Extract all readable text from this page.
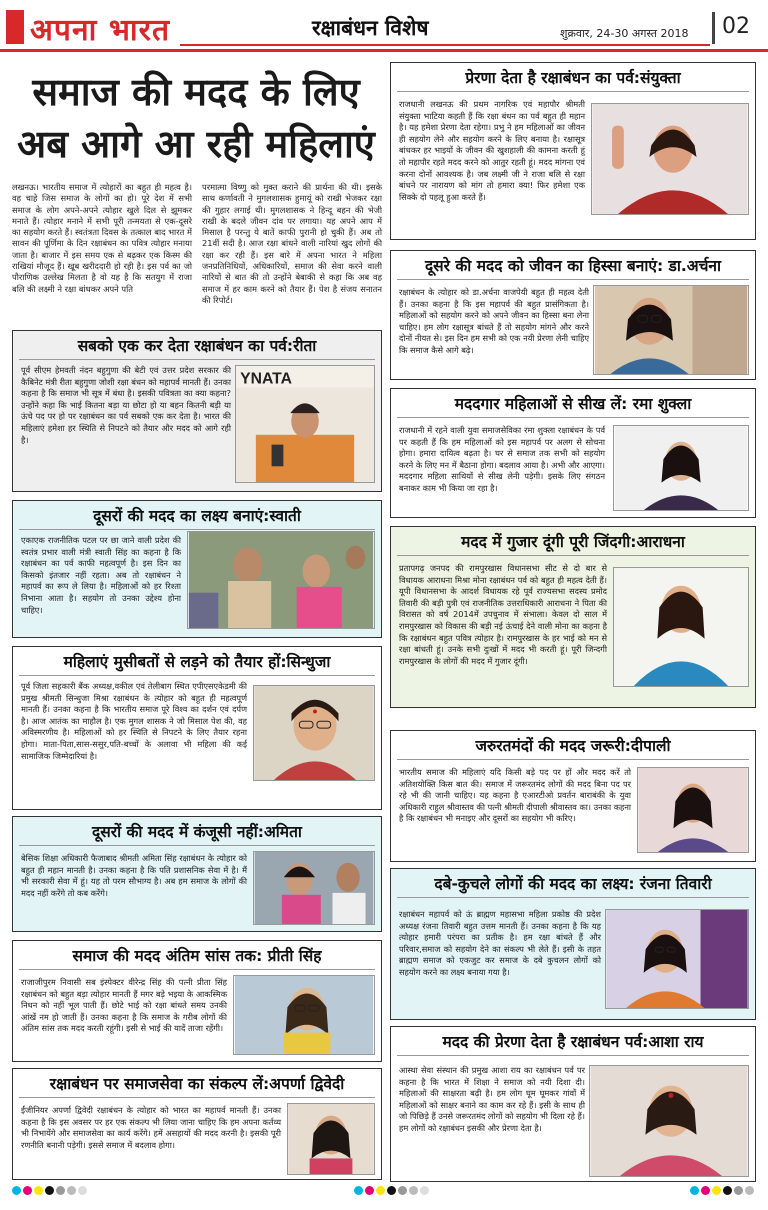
अपना भारत	रक्षाबंधन विशेष	शुक्रवार, 24-30 अगस्त 2018 02
समाज की मदद के लिए
अब आगे आ रही महिलाएं
लखनऊ। भारतीय समाज में त्योहारों का बहुत ही महत्व है। वह चाहे जिस समाज के लोगों का हो। पूरे देश में सभी समाज के लोग अपने-अपने त्योहार खुले दिल से झूमकर मनाते हैं। त्योहार मनाने में सभी पूरी तन्मयता से एक-दूसरे का सहयोग करते हैं। स्वतंत्रता दिवस के तत्काल बाद भारत में सावन की पूर्णिमा के दिन रक्षाबंधन का पवित्र त्योहार मनाया जाता है। बाजार में इस समय एक से बढ़कर एक किस्म की राखियां मौजूद हैं। खूब खरीददारी हो रही है। इस पर्व का जो पौराणिक उल्लेख मिलता है वो यह है कि सतयुग में राजा बलि की लक्ष्मी ने रक्षा बांधकर अपने पति
परमात्मा विष्णु को मुक्त कराने की प्रार्थना की थी। इसके साथ कर्णावती ने मुगलशासक हुमायूं को राखी भेजकर रक्षा की गुहार लगाई थी। मुगलशासक ने हिन्दू बहन की भेजी राखी के बदले जीवन दांव पर लगाया। यह अपने आप में मिसाल है परन्तु ये बातें काफी पुरानी हो चुकी हैं। अब तो 21वीं सदी है। आज रक्षा बांधने वाली नारियां खुद लोगों की रक्षा कर रही हैं। इस बारे में अपना भारत ने महिला जनप्रतिनिधियों, अधिकारियों, समाज की सेवा करने वाली नारियों से बात की तो उन्होंने बेबाकी से कहा कि अब वह समाज में हर काम करने को तैयार हैं। पेश है संजय सनातन की रिपोर्ट।
सबको एक कर देता रक्षाबंधन का पर्व:रीता
पूर्व सीएम हेमवती नंदन बहुगुणा की बेटी एवं उत्तर प्रदेश सरकार की कैबिनेट मंत्री रीता बहुगुणा जोशी रक्षा बंधन को महापर्व मानती हैं। उनका कहना है कि समाज भी सूत्र में बंधा है। इसकी पवित्रता का क्या कहना? उन्होंने कहा कि भाई कितना बड़ा या छोटा हो या बहन कितनी बड़ी या ऊंचे पद पर हो पर रक्षाबंधन का पर्व सबको एक कर देता है। भारत की महिलाएं हमेशा हर स्थिति से निपटने को तैयार और मदद को आगे रही है।
YNATA
दूसरों की मदद का लक्ष्य बनाएं:स्वाती
एकाएक राजनीतिक पटल पर छा जाने वाली प्रदेश की स्वतंत्र प्रभार वाली मंत्री स्वाती सिंह का कहना है कि रक्षाबंधन का पर्व काफी महत्वपूर्ण है। इस दिन का किसको इंतजार नहीं रहता। अब तो रक्षाबंधन ने महापर्व का रूप ले लिया है। महिलाओं को हर रिश्ता निभाना आता है। सहयोग तो उनका उद्देश्य होना चाहिए।
महिलाएं मुसीबतों से लड़ने को तैयार हों:सिन्धुजा
पूर्व जिला सहकारी बैंक अध्यक्ष,वकील एवं तेलीबाग स्थित एपीएसएकेडमी की प्रमुख श्रीमती सिन्धुजा मिश्रा रक्षाबंधन के त्योहार को बहुत ही महत्वपूर्ण मानती हैं। उनका कहना है कि भारतीय समाज पूरे विश्व का दर्शन एवं दर्पण है। आज आतंक का माहौल है। एक मुगल शासक ने जो मिसाल पेश की, वह अविस्मरणीय है। महिलाओं को हर स्थिति से निपटने के लिए तैयार रहना होगा। माता-पिता,सास-ससुर,पति-बच्चों के अलावा भी महिला की कई सामाजिक जिम्मेदारियां है।
दूसरों की मदद में कंजूसी नहीं:अमिता
बेसिक शिक्षा अधिकारी फैजाबाद श्रीमती अमिता सिंह रक्षाबंधन के त्योहार को बहुत ही महान मानती है। उनका कहना है कि पति प्रशासनिक सेवा में है। मैं भी सरकारी सेवा में हूं। यह तो परम सौभाग्य है। अब हम समाज के लोगों की मदद नहीं करेंगे तो कब करेंगे।
समाज की मदद अंतिम सांस तक: प्रीती सिंह
राजाजीपुरम निवासी सब इंस्पेक्टर वीरेन्द्र सिंह की पत्नी प्रीता सिंह रक्षाबंधन को बहुत बड़ा त्योहार मानती हैं मगर बड़े भइया के आकस्मिक निधन को नहीं भूल पाती हैं। छोटे भाई को रक्षा बांधते समय उनकी आंखें नम हो जाती हैं। उनका कहना है कि समाज के गरीब लोगों की अंतिम सांस तक मदद करती रहूंगी। इसी से भाई की यादें ताजा रहेंगी।
रक्षाबंधन पर समाजसेवा का संकल्प लें:अपर्णा द्विवेदी
ईंजीनियर अपर्णा द्विवेदी रक्षाबंधन के त्योहार को भारत का महापर्व मानती हैं। उनका कहना है कि इस अवसर पर हर एक संकल्प भी लिया जाना चाहिए कि हम अपना कर्तव्य भी निभायेंगे और समाजसेवा का कार्य करेंगे। हमें असहायों की मदद करनी है। इसकी पूरी रणनीति बनानी पड़ेगी। इससे समाज में बदलाव होगा।
प्रेरणा देता है रक्षाबंधन का पर्व:संयुक्ता
राजधानी लखनऊ की प्रथम नागरिक एवं महापौर श्रीमती संयुक्ता भाटिया कहती हैं कि रक्षा बंधन का पर्व बहुत ही महान है। यह हमेशा प्रेरणा देता रहेगा। प्रभु ने हम महिलाओं का जीवन ही सहयोग लेने और सहयोग करने के लिए बनाया है। रक्षासूत्र बांधकर हर भाइयों के जीवन की खुशहाली की कामना करती हूं तो महापौर रहते मदद करने को आतुर रहती हूं। मदद मांगना एवं करना दोनों आवश्यक है। जब लक्ष्मी जी ने राजा बलि से रक्षा बांधने पर नारायण को मांग तो हमारा क्या! फिर हमेशा एक सिक्के दो पहलू हुआ करते हैं।
दूसरे की मदद को जीवन का हिस्सा बनाएं: डा.अर्चना
रक्षाबंधन के त्योहार को डा.अर्चना वाजपेयी बहुत ही महत्व देती हैं। उनका कहना है कि इस महापर्व की बहुत प्रासंगिकता है। महिलाओं को सहयोग करने को अपने जीवन का हिस्सा बना लेना चाहिए। हम लोग रक्षासूत्र बांधते हैं तो सहयोग मांगने और करने दोनों नीयत से। इस दिन हम सभी को एक नयी प्रेरणा लेनी चाहिए कि समाज कैसे आगे बढ़े।
मददगार महिलाओं से सीख लें: रमा शुक्ला
राजधानी में रहने वाली युवा समाजसेविका रमा शुक्ला रक्षाबंधन के पर्व पर कहती हैं कि हम महिलाओं को इस महापर्व पर अलग से सोचना होगा। हमारा दायित्व बढ़ता है। घर से समाज तक सभी को सहयोग करने के लिए मन में बैठाना होगा। बदलाव आया है। अभी और आएगा। मददगार महिला साथियों से सीख लेनी पड़ेगी। इसके लिए संगठन बनाकर काम भी किया जा रहा है।
मदद में गुजार दूंगी पूरी जिंदगी:आराधना
प्रतापगढ़ जनपद की रामपुरखास विधानसभा सीट से दो बार से विधायक आराधना मिश्रा मोना रक्षाबंधन पर्व को बहुत ही महत्व देती हैं। यूपी विधानसभा के आदर्श विधायक रहे पूर्व राज्यसभा सदस्य प्रमोद तिवारी की बड़ी पुत्री एवं राजनीतिक उत्तराधिकारी आराधना ने पिता की विरासत को वर्ष 2014में उपचुनाव में संभाला। केवल दो साल में रामपुरखास को विकास की बड़ी नई ऊंचाई देने वाली मोना का कहना है कि रक्षाबंधन बहुत पवित्र त्योहार है। रामपुरखास के हर भाई को मन से रक्षा बांधती हूं। उनके सभी दुःखों में मदद भी करती हूं। पूरी जिन्दगी रामपुरखास के लोगों की मदद में गुजार दूंगी।
जरुरतमंदों की मदद जरूरी:दीपाली
भारतीय समाज की महिलाएं यदि किसी बड़े पद पर हों और मदद करें तो अतिशयोक्ति किस बात की। समाज में जरूरतमंद लोगों की मदद बिना पद पर रहे भी की जानी चाहिए। यह कहना है एआरटीओ प्रवर्तन बाराबंकी के युवा अधिकारी राहुल श्रीवास्तव की पत्नी श्रीमती दीपाली श्रीवास्तव का। उनका कहना है कि रक्षाबंधन भी मनाइए और दूसरों का सहयोग भी करिए।
दबे-कुचले लोगों की मदद का लक्ष्य: रंजना तिवारी
रक्षाबंधन महापर्व को ऊं ब्राह्मण महासभा महिला प्रकोष्ठ की प्रदेश अध्यक्ष रंजना तिवारी बहुत उत्तम मानती हैं। उनका कहना है कि यह त्योहार हमारी परंपरा का प्रतीक है। हम रक्षा बांधते हैं और परिवार,समाज को सहयोग देने का संकल्प भी लेते हैं। इसी के तहत ब्राह्मण समाज को एकजुट कर समाज के दबे कुचलन लोगों को सहयोग करने का लक्ष्य बनाया गया है।
मदद की प्रेरणा देता है रक्षाबंधन पर्व:आशा राय
आस्था सेवा संस्थान की प्रमुख आशा राय का रक्षाबंधन पर्व पर कहना है कि भारत में शिक्षा ने समाज को नयी दिशा दी। महिलाओं की साक्षरता बढ़ी है। हम लोग घूम घूमकर गांवों में महिलाओं को साक्षर बनाने का काम कर रहे हैं। इसी के साथ ही जो पिछिड़े हैं उनसे जरूरतमंद लोगों को सहयोग भी दिला रहे हैं। हम लोगों को रक्षाबंधन इसकी और प्रेरणा देता है।
